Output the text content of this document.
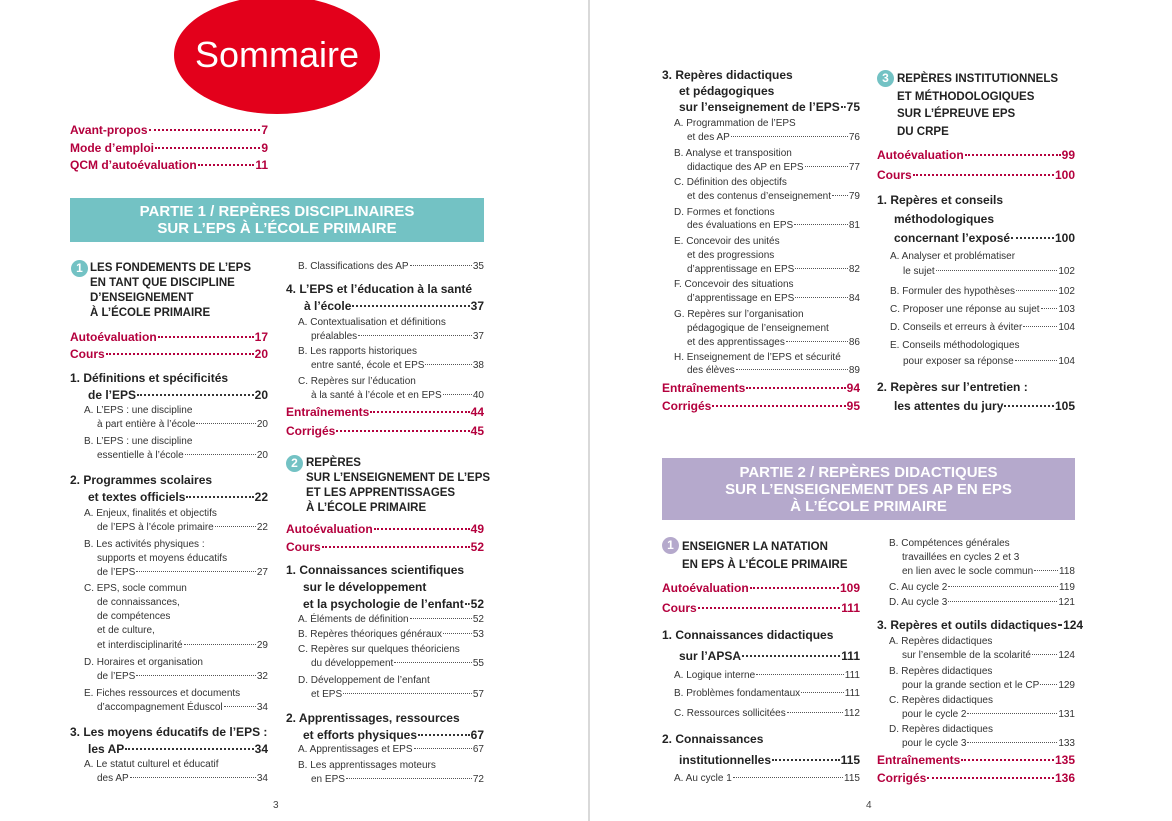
Sommaire
Avant-propos	7
Mode d’emploi	9
QCM d’autoévaluation	11
PARTIE 1 / REPÈRES DISCIPLINAIRES
SUR L’EPS À L’ÉCOLE PRIMAIRE
1 LES FONDEMENTS DE L’EPS
EN TANT QUE DISCIPLINE
D’ENSEIGNEMENT
À L’ÉCOLE PRIMAIRE
Autoévaluation	17
Cours	20
1. Définitions et spécificités
de l’EPS	20
A. L’EPS : une discipline
à part entière à l’école	20
B. L’EPS : une discipline
essentielle à l’école	20
2. Programmes scolaires
et textes officiels	22
A. Enjeux, finalités et objectifs
de l’EPS à l’école primaire	22
B. Les activités physiques :
supports et moyens éducatifs
de l’EPS	27
C. EPS, socle commun
de connaissances,
de compétences
et de culture,
et interdisciplinarité	29
D. Horaires et organisation
de l’EPS	32
E. Fiches ressources et documents
d’accompagnement Éduscol	34
3. Les moyens éducatifs de l’EPS :
les AP	34
A. Le statut culturel et éducatif
des AP	34
B. Classifications des AP	35
4. L’EPS et l’éducation à la santé
à l’école	37
A. Contextualisation et définitions
préalables	37
B. Les rapports historiques
entre santé, école et EPS	38
C. Repères sur l’éducation
à la santé à l’école et en EPS	40
Entraînements	44
Corrigés	45
2 REPÈRES
SUR L’ENSEIGNEMENT DE L’EPS
ET LES APPRENTISSAGES
À L’ÉCOLE PRIMAIRE
Autoévaluation	49
Cours	52
1. Connaissances scientifiques
sur le développement
et la psychologie de l’enfant 52
A. Éléments de définition	52
B. Repères théoriques généraux	53
C. Repères sur quelques théoriciens
du développement	55
D. Développement de l’enfant
et EPS	57
2. Apprentissages, ressources
et efforts physiques	67
A. Apprentissages et EPS	67
B. Les apprentissages moteurs
en EPS	72
3
3. Repères didactiques
et pédagogiques
sur l’enseignement de l’EPS 75
A. Programmation de l’EPS
et des AP	76
B. Analyse et transposition
didactique des AP en EPS	77
C. Définition des objectifs
et des contenus d’enseignement 79
D. Formes et fonctions
des évaluations en EPS	81
E. Concevoir des unités
et des progressions
d’apprentissage en EPS	82
F. Concevoir des situations
d’apprentissage en EPS	84
G. Repères sur l’organisation
pédagogique de l’enseignement
et des apprentissages	86
H. Enseignement de l’EPS et sécurité
des élèves	89
Entraînements	94
Corrigés	95
3 REPÈRES INSTITUTIONNELS
ET MÉTHODOLOGIQUES
SUR L’ÉPREUVE EPS
DU CRPE
Autoévaluation	99
Cours	100
1. Repères et conseils
méthodologiques
concernant l’exposé	100
A. Analyser et problématiser
le sujet	102
B. Formuler des hypothèses	102
C. Proposer une réponse au sujet 103
D. Conseils et erreurs à éviter	104
E. Conseils méthodologiques
pour exposer sa réponse	104
2. Repères sur l’entretien :
les attentes du jury	105
PARTIE 2 / REPÈRES DIDACTIQUES
SUR L’ENSEIGNEMENT DES AP EN EPS
À L’ÉCOLE PRIMAIRE
1 ENSEIGNER LA NATATION
EN EPS À L’ÉCOLE PRIMAIRE
Autoévaluation	109
Cours	111
1. Connaissances didactiques
sur l’APSA	111
A. Logique interne	111
B. Problèmes fondamentaux	111
C. Ressources sollicitées	112
2. Connaissances
institutionnelles	115
A. Au cycle 1	115
B. Compétences générales
travaillées en cycles 2 et 3
en lien avec le socle commun	118
C. Au cycle 2	119
D. Au cycle 3	121
3. Repères et outils didactiques 124
A. Repères didactiques
sur l’ensemble de la scolarité	124
B. Repères didactiques
pour la grande section et le CP 129
C. Repères didactiques
pour le cycle 2	131
D. Repères didactiques
pour le cycle 3	133
Entraînements	135
Corrigés	136
4
